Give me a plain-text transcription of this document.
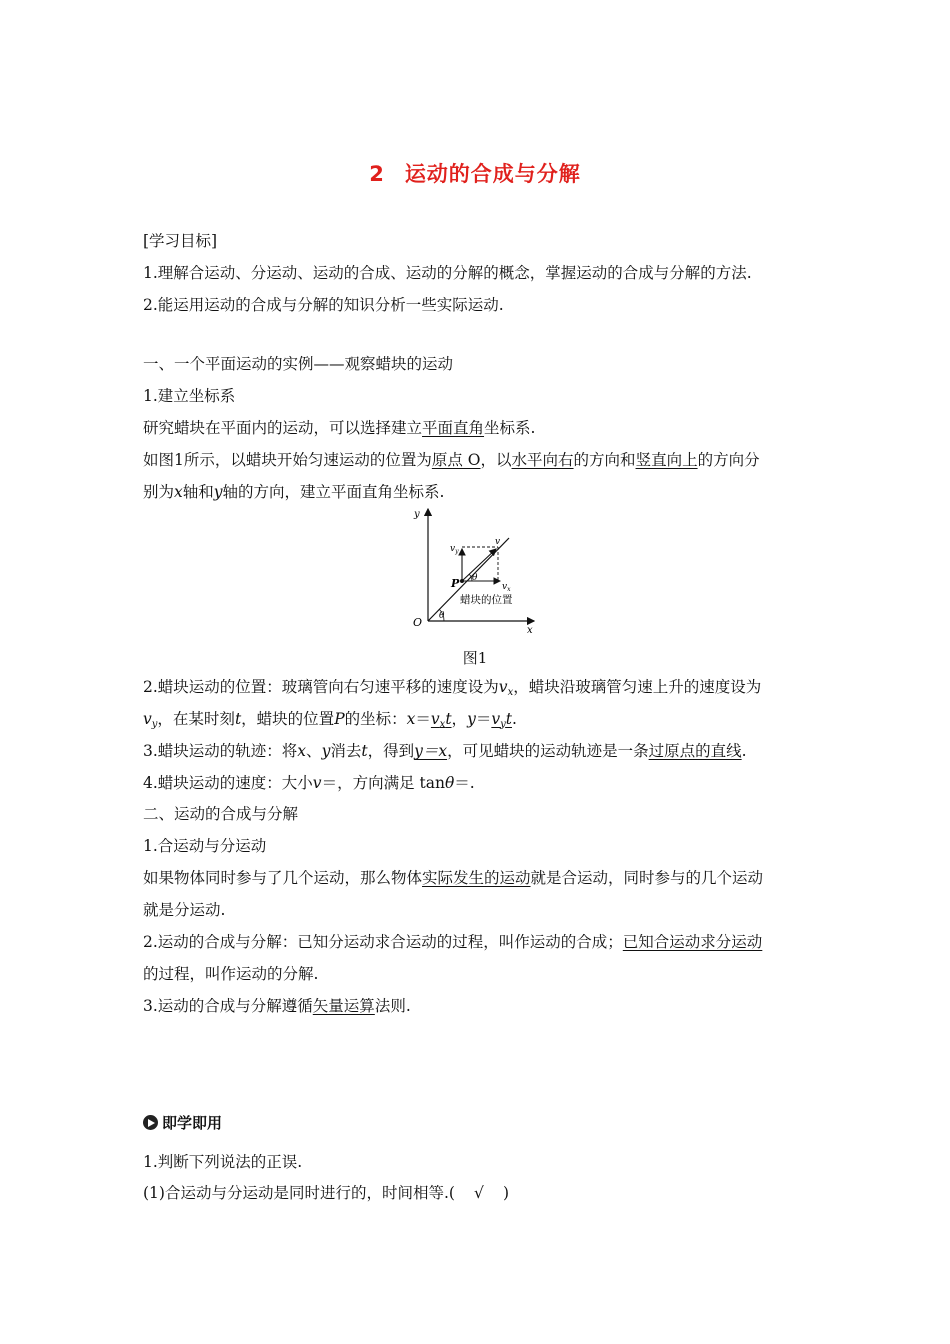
2 运动的合成与分解
[学习目标]
1.理解合运动、分运动、运动的合成、运动的分解的概念，掌握运动的合成与分解的方法.
2.能运用运动的合成与分解的知识分析一些实际运动.
一、一个平面运动的实例——观察蜡块的运动
1.建立坐标系
研究蜡块在平面内的运动，可以选择建立平面直角坐标系.
如图1所示，以蜡块开始匀速运动的位置为原点 O，以水平向右的方向和竖直向上的方向分
别为x轴和y轴的方向，建立平面直角坐标系.
y
x
O
P
v
$v_y$
$v_x$
θ
θ
蜡块的位置
图1
2.蜡块运动的位置：玻璃管向右匀速平移的速度设为$v_x$，蜡块沿玻璃管匀速上升的速度设为
$v_y$，在某时刻t，蜡块的位置P的坐标：$x=v_xt$，$y=v_yt$.
3.蜡块运动的轨迹：将x、y消去t，得到y＝x，可见蜡块的运动轨迹是一条过原点的直线.
4.蜡块运动的速度：大小v＝，方向满足 tanθ＝.
二、运动的合成与分解
1.合运动与分运动
如果物体同时参与了几个运动，那么物体实际发生的运动就是合运动，同时参与的几个运动
就是分运动.
2.运动的合成与分解：已知分运动求合运动的过程，叫作运动的合成；已知合运动求分运动
的过程，叫作运动的分解.
3.运动的合成与分解遵循矢量运算法则.
即学即用
1.判断下列说法的正误.
(1)合运动与分运动是同时进行的，时间相等.( √ )
